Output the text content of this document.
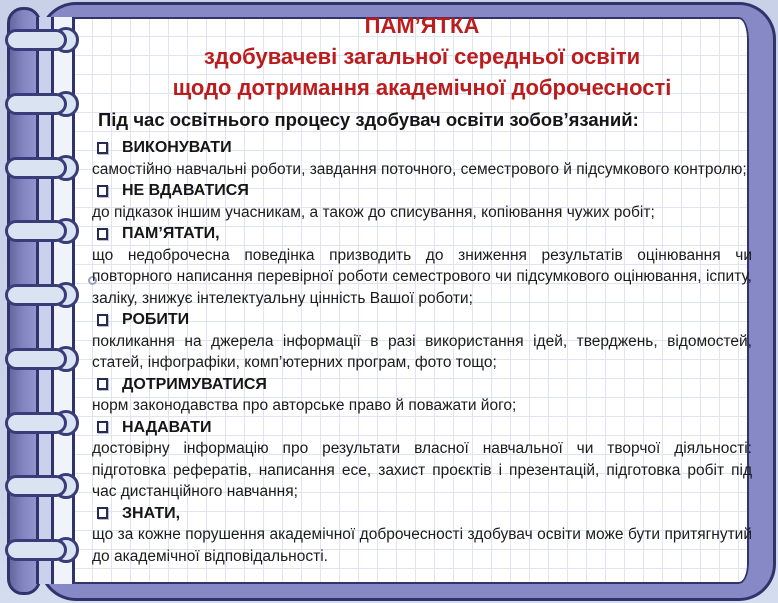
ПАМ’ЯТКА
здобувачеві загальної середньої освіти
щодо дотримання академічної доброчесності
Під час освітнього процесу здобувач освіти зобов’язаний:
ВИКОНУВАТИ
самостійно навчальні роботи, завдання поточного, семестрового й підсумкового контролю;
НЕ ВДАВАТИСЯ
до підказок іншим учасникам, а також до списування, копіювання чужих робіт;
ПАМ’ЯТАТИ,
що недоброчесна поведінка призводить до зниження результатів оцінювання чи повторного написання перевірної роботи семестрового чи підсумкового оцінювання, іспиту, заліку, знижує інтелектуальну цінність Вашої роботи;
РОБИТИ
покликання на джерела інформації в разі використання ідей, тверджень, відомостей, статей, інфографіки, комп’ютерних програм, фото тощо;
ДОТРИМУВАТИСЯ
норм законодавства про авторське право й поважати його;
НАДАВАТИ
достовірну інформацію про результати власної навчальної чи творчої діяльності: підготовка рефератів, написання есе, захист проєктів і презентацій, підготовка робіт під час дистанційного навчання;
ЗНАТИ,
що за кожне порушення академічної доброчесності здобувач освіти може бути притягнутий до академічної відповідальності.
